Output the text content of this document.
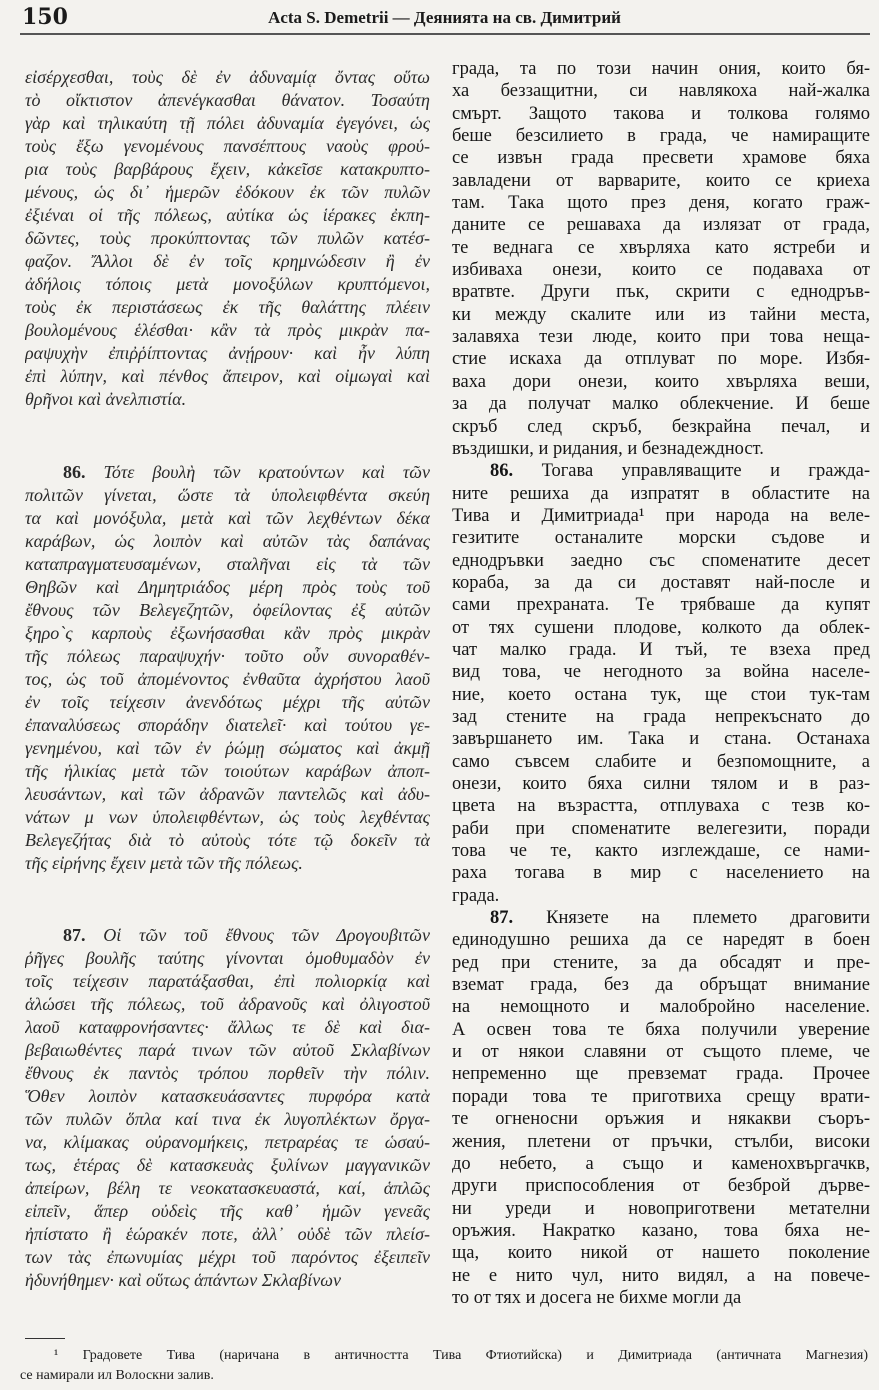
150	Acta S. Demetrii — Деянията на св. Димитрий
εἰσέρχεσθαι, τοὺς δὲ ἐν ἀδυναμίᾳ ὄντας οὕτω
τὸ οἴκτιστον ἀπενέγκασθαι θάνατον. Τοσαύτη
γὰρ καὶ τηλικαύτη τῇ πόλει ἀδυναμία ἐγεγόνει, ὡς
τοὺς ἔξω γενομένους πανσέπτους ναοὺς φρού-
ρια τοὺς βαρβάρους ἔχειν, κἀκεῖσε κατακρυπτο-
μένους, ὡς δι᾽ ἡμερῶν ἐδόκουν ἐκ τῶν πυλῶν
ἐξιέναι οἱ τῆς πόλεως, αὐτίκα ὡς ἱέρακες ἐκπη-
δῶντες, τοὺς προκύπτοντας τῶν πυλῶν κατέσ-
φαζον. Ἄλλοι δὲ ἐν τοῖς κρημνώδεσιν ἢ ἐν
ἀδήλοις τόποις μετὰ μονοξύλων κρυπτόμενοι,
τοὺς ἐκ περιστάσεως ἐκ τῆς θαλάττης πλέειν
βουλομένους ἑλέσθαι· κἂν τὰ πρὸς μικρὰν πα-
ραψυχὴν ἐπιῤῥίπτοντας ἀνῄρουν· καὶ ἦν λύπη
ἐπὶ λύπην, καὶ πένθος ἄπειρον, καὶ οἰμωγαὶ καὶ
θρῆνοι καὶ ἀνελπιστία.
86. Τότε βουλὴ τῶν κρατούντων καὶ τῶν
πολιτῶν γίνεται, ὥστε τὰ ὑπολειφθέντα σκεύη
τα καὶ μονόξυλα, μετὰ καὶ τῶν λεχθέντων δέκα
καράβων, ὡς λοιπὸν καὶ αὐτῶν τὰς δαπάνας
καταπραγματευσαμένων, σταλῆναι εἰς τὰ τῶν
Θηβῶν καὶ Δημητριάδος μέρη πρὸς τοὺς τοῦ
ἔθνους τῶν Βελεγεζητῶν, ὀφείλοντας ἐξ αὐτῶν
ξηρο`ς καρποὺς ἐξωνήσασθαι κἂν πρὸς μικρὰν
τῆς πόλεως παραψυχήν· τοῦτο οὖν συνοραθέν-
τος, ὡς τοῦ ἀπομένοντος ἐνθαῦτα ἀχρήστου λαοῦ
ἐν τοῖς τείχεσιν ἀνενδότως μέχρι τῆς αὐτῶν
ἐπαναλύσεως σποράδην διατελεῖ· καὶ τούτου γε-
γενημένου, καὶ τῶν ἐν ῥώμῃ σώματος καὶ ἀκμῇ
τῆς ἡλικίας μετὰ τῶν τοιούτων καράβων ἀποπ-
λευσάντων, καὶ τῶν ἀδρανῶν παντελῶς καὶ ἀδυ-
νάτων μ νων ὑπολειφθέντων, ὡς τοὺς λεχθέντας
Βελεγεζήτας διὰ τὸ αὐτοὺς τότε τῷ δοκεῖν τὰ
τῆς εἰρήνης ἔχειν μετὰ τῶν τῆς πόλεως.
87. Οἱ τῶν τοῦ ἔθνους τῶν Δρογουβιτῶν
ῥῆγες βουλῆς ταύτης γίνονται ὁμοθυμαδὸν ἐν
τοῖς τείχεσιν παρατάξασθαι, ἐπὶ πολιορκίᾳ καὶ
ἁλώσει τῆς πόλεως, τοῦ ἀδρανοῦς καὶ ὀλιγοστοῦ
λαοῦ καταφρονήσαντες· ἄλλως τε δὲ καὶ δια-
βεβαιωθέντες παρά τινων τῶν αὐτοῦ Σκλαβίνων
ἔθνους ἐκ παντὸς τρόπου πορθεῖν τὴν πόλιν.
Ὅθεν λοιπὸν κατασκευάσαντες πυρφόρα κατὰ
τῶν πυλῶν ὅπλα καί τινα ἐκ λυγοπλέκτων ὄργα-
να, κλίμακας οὐρανομήκεις, πετραρέας τε ὡσαύ-
τως, ἑτέρας δὲ κατασκευὰς ξυλίνων μαγγανικῶν
ἀπείρων, βέλη τε νεοκατασκευαστά, καί, ἁπλῶς
εἰπεῖν, ἅπερ οὐδεὶς τῆς καθ᾽ ἡμῶν γενεᾶς
ἠπίστατο ἢ ἑώρακέν ποτε, ἀλλ᾽ οὐδὲ τῶν πλείσ-
των τὰς ἐπωνυμίας μέχρι τοῦ παρόντος ἐξειπεῖν
ἠδυνήθημεν· καὶ οὕτως ἁπάντων Σκλαβίνων
града, та по този начин ония, които бя-
ха беззащитни, си навлякоха най-жалка
смърт. Защото такова и толкова голямо
беше безсилието в града, че намиращите
се извън града пресвети храмове бяха
завладени от варварите, които се криеха
там. Така щото през деня, когато граж-
даните се решаваха да излязат от града,
те веднага се хвърляха като ястреби и
избиваха онези, които се подаваха от
вратвте. Други пък, скрити с еднодръв-
ки между скалите или из тайни места,
залавяха тези люде, които при това неща-
стие искаха да отплуват по море. Избя-
ваха дори онези, които хвърляха веши,
за да получат малко облекчение. И беше
скръб след скръб, безкрайна печал, и
въздишки, и ридания, и безнадеждност.
86. Тогава управляващите и гражда-
ните решиха да изпратят в областите на
Тива и Димитриада¹ при народа на веле-
гезитите останалите морски съдове и
еднодръвки заедно със споменатите десет
кораба, за да си доставят най-после и
сами прехраната. Те трябваше да купят
от тях сушени плодове, колкото да облек-
чат малко града. И тъй, те взеха пред
вид това, че негодното за война населе-
ние, което остана тук, ще стои тук-там
зад стените на града непрекъснато до
завършането им. Така и стана. Останаха
само съвсем слабите и безпомощните, а
онези, които бяха силни тялом и в раз-
цвета на възрастта, отплуваха с тезв ко-
раби при споменатите велегезити, поради
това че те, както изглеждаше, се нами-
раха тогава в мир с населението на
града.
87. Князете на племето драговити
единодушно решиха да се наредят в боен
ред при стените, за да обсадят и пре-
вземат града, без да обръщат внимание
на немощното и малобройно население.
А освен това те бяха получили уверение
и от някои славяни от същото племе, че
непременно ще превземат града. Прочее
поради това те приготвиха срещу врати-
те огненосни оръжия и някакви съоръ-
жения, плетени от пръчки, стълби, високи
до небето, а също и каменохвъргачкв,
други приспособления от безброй дърве-
ни уреди и новоприготвени метателни
оръжия. Накратко казано, това бяха не-
ща, които никой от нашето поколение
не е нито чул, нито видял, а на повече-
то от тях и досега не бихме могли да
¹ Градовете Тива (наричана в античността Тива Фтиотийска) и Димитриада (античната Магнезия)
се намирали ил Волоскни залив.
